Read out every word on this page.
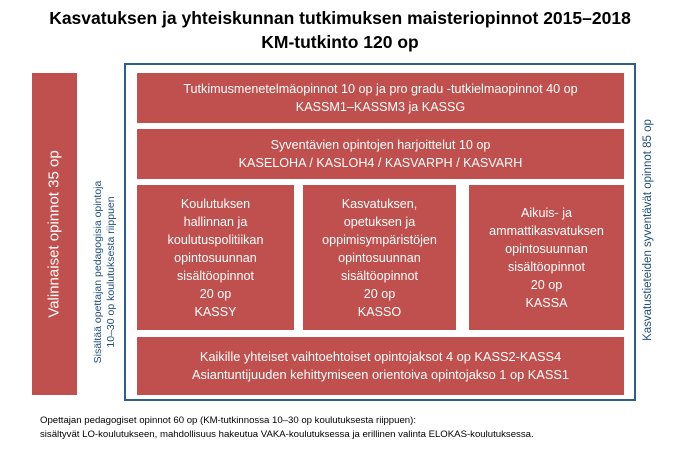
Kasvatuksen ja yhteiskunnan tutkimuksen maisteriopinnot 2015–2018
KM-tutkinto 120 op
Valinnaiset opinnot 35 op	Sisältää opettajan pedagogisia opintoja 10–30 op koulutuksesta riippuen	Kasvatustieteiden syventävät opinnot 85 op
Tutkimusmenetelmäopinnot 10 op ja pro gradu -tutkielmaopinnot 40 op
KASSM1–KASSM3 ja KASSG
Syventävien opintojen harjoittelut 10 op
KASELOHA / KASLOH4 / KASVARPH / KASVARH
Koulutuksen
hallinnan ja
koulutuspolitiikan
opintosuunnan
sisältöopinnot
20 op
KASSY
Kasvatuksen,
opetuksen ja
oppimisympäristöjen
opintosuunnan
sisältöopinnot
20 op
KASSO
Aikuis- ja
ammattikasvatuksen
opintosuunnan
sisältöopinnot
20 op
KASSA
Kaikille yhteiset vaihtoehtoiset opintojaksot 4 op KASS2-KASS4
Asiantuntijuuden kehittymiseen orientoiva opintojakso 1 op KASS1
Opettajan pedagogiset opinnot 60 op (KM-tutkinnossa 10–30 op koulutuksesta riippuen):
sisältyvät LO-koulutukseen, mahdollisuus hakeutua VAKA-koulutuksessa ja erillinen valinta ELOKAS-koulutuksessa.
